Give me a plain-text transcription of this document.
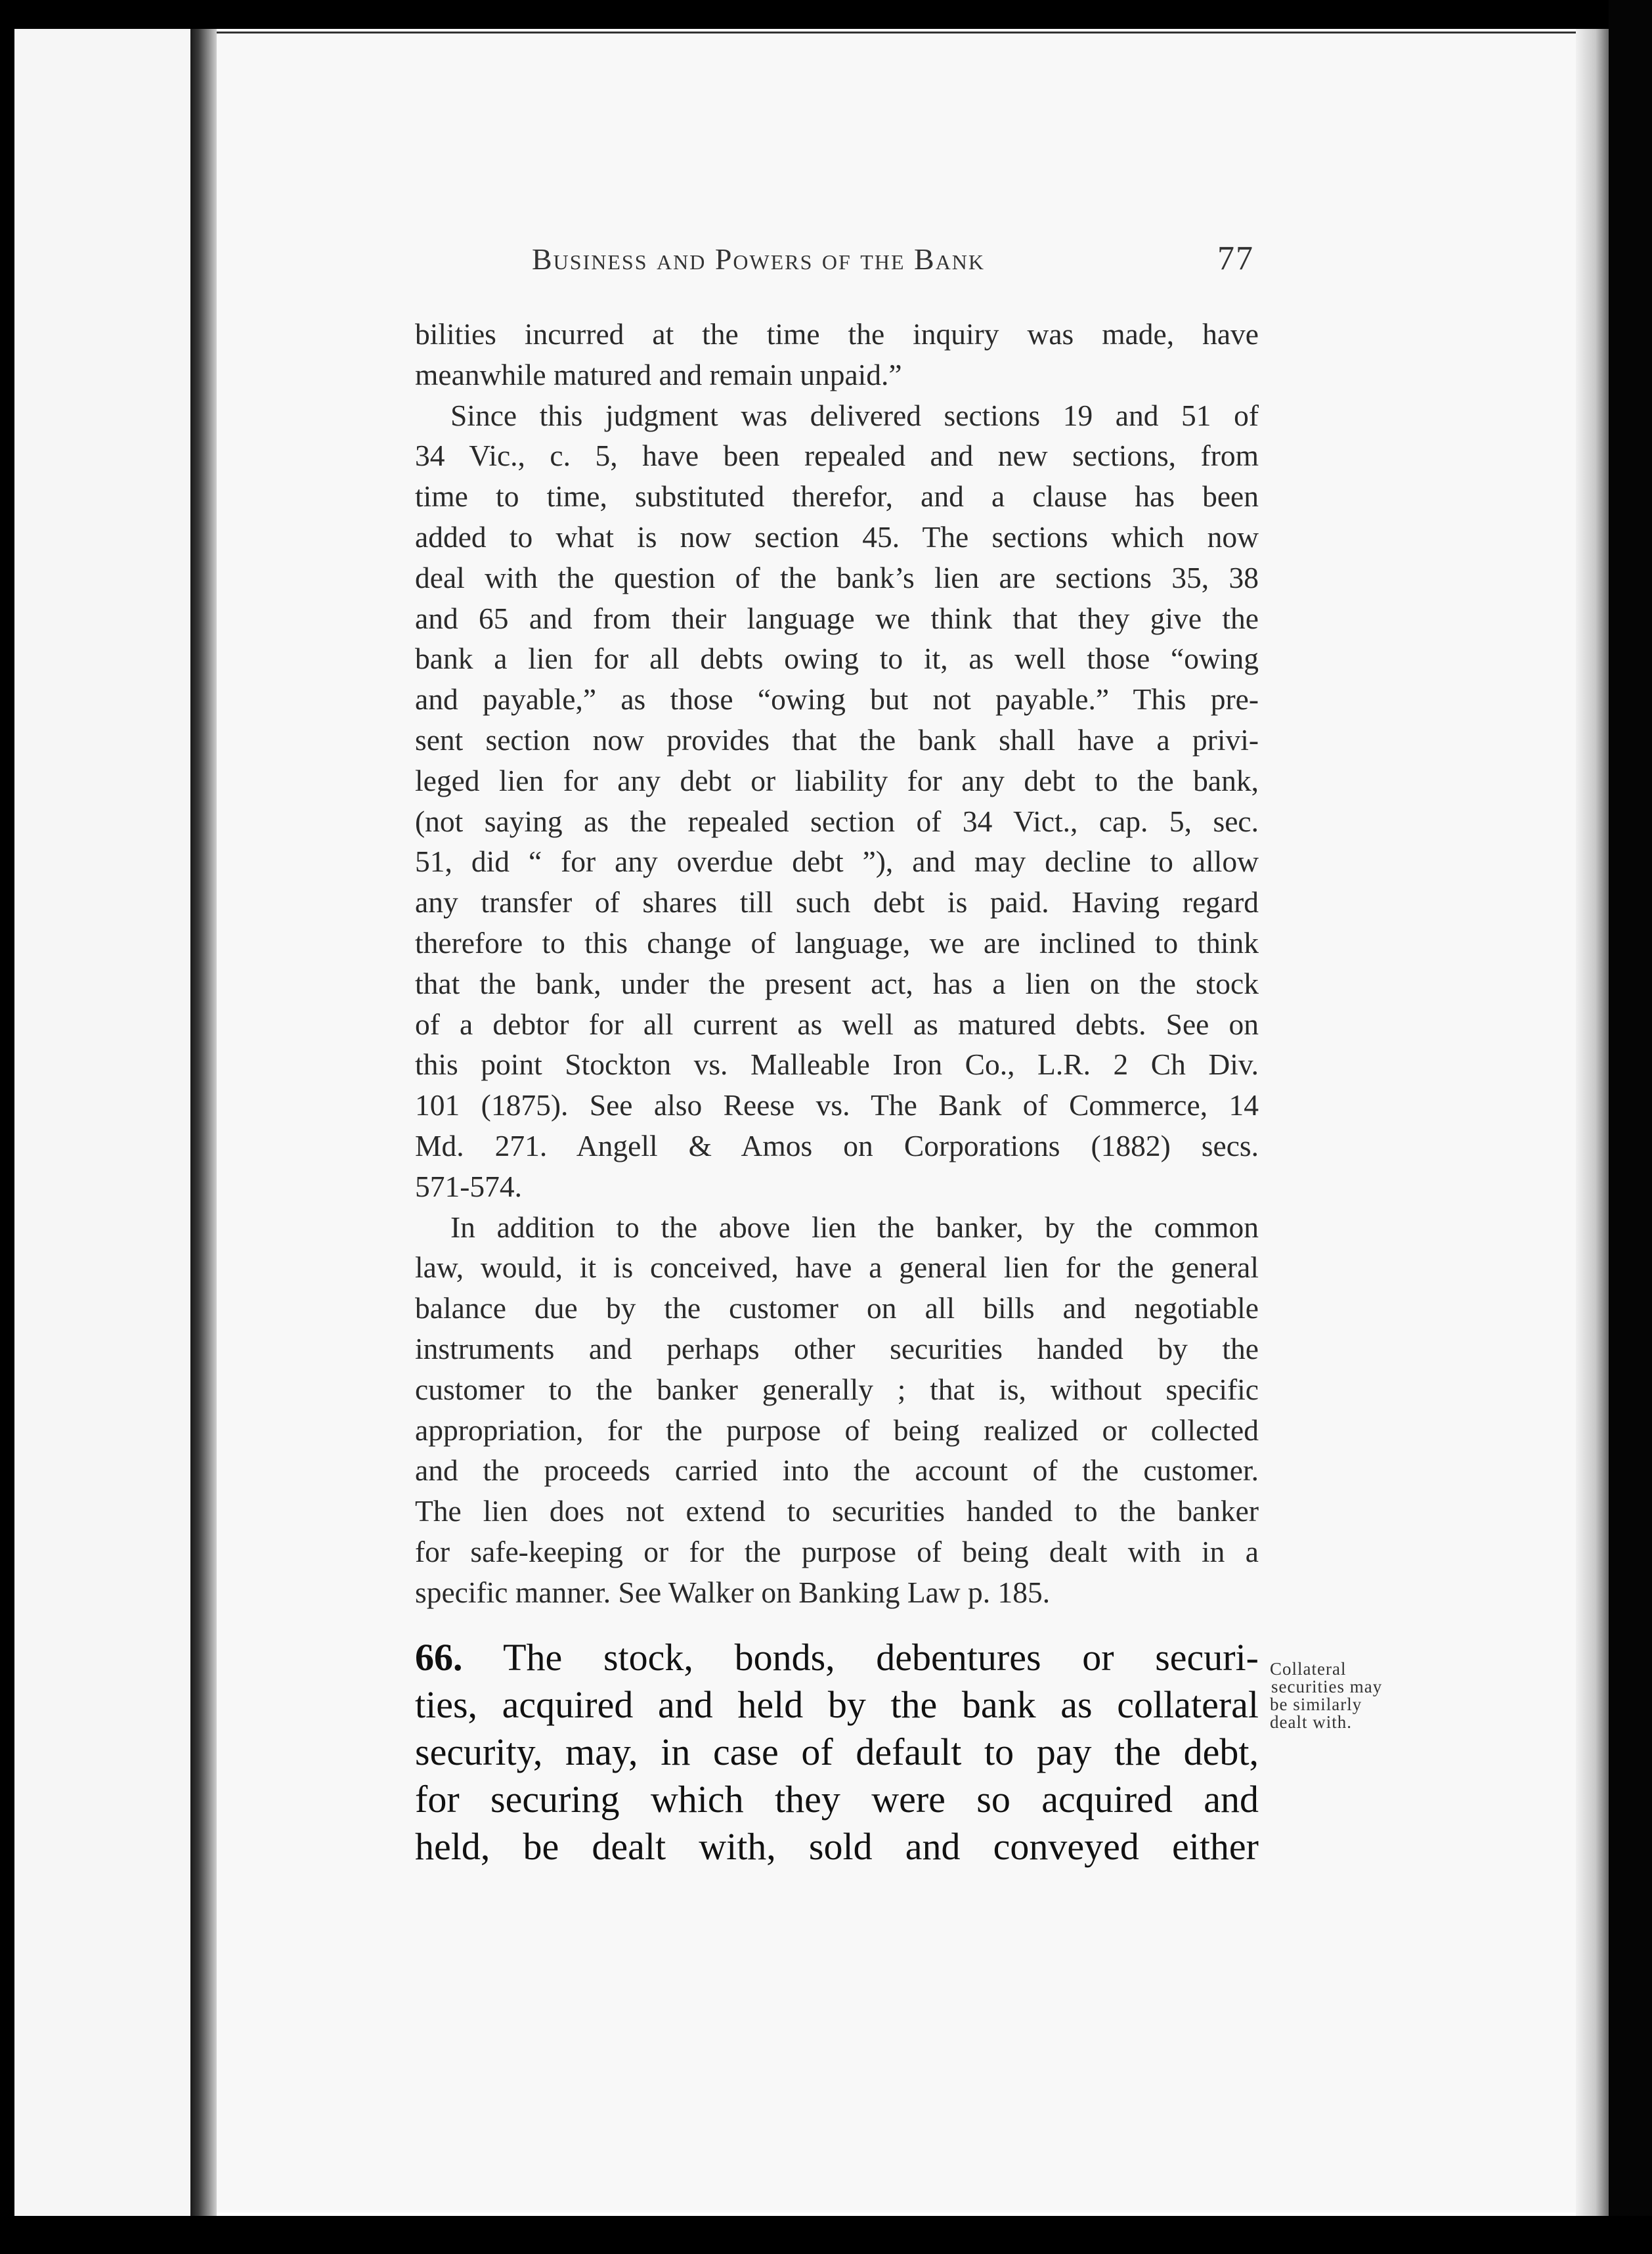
Business and Powers of the Bank	77
bilities incurred at the time the inquiry was made, have
meanwhile matured and remain unpaid.”
Since this judgment was delivered sections 19 and 51 of
34 Vic., c. 5, have been repealed and new sections, from
time to time, substituted therefor, and a clause has been
added to what is now section 45. The sections which now
deal with the question of the bank’s lien are sections 35, 38
and 65 and from their language we think that they give the
bank a lien for all debts owing to it, as well those “owing
and payable,” as those “owing but not payable.” This pre-
sent section now provides that the bank shall have a privi-
leged lien for any debt or liability for any debt to the bank,
(not saying as the repealed section of 34 Vict., cap. 5, sec.
51, did “ for any overdue debt ”), and may decline to allow
any transfer of shares till such debt is paid. Having regard
therefore to this change of language, we are inclined to think
that the bank, under the present act, has a lien on the stock
of a debtor for all current as well as matured debts. See on
this point Stockton vs. Malleable Iron Co., L.R. 2 Ch Div.
101 (1875). See also Reese vs. The Bank of Commerce, 14
Md. 271. Angell & Amos on Corporations (1882) secs.
571-574.
In addition to the above lien the banker, by the common
law, would, it is conceived, have a general lien for the general
balance due by the customer on all bills and negotiable
instruments and perhaps other securities handed by the
customer to the banker generally ; that is, without specific
appropriation, for the purpose of being realized or collected
and the proceeds carried into the account of the customer.
The lien does not extend to securities handed to the banker
for safe-keeping or for the purpose of being dealt with in a
specific manner. See Walker on Banking Law p. 185.
66. The stock, bonds, debentures or securi-
ties, acquired and held by the bank as collateral
security, may, in case of default to pay the debt,
for securing which they were so acquired and
held, be dealt with, sold and conveyed either
Collateral
securities may
be similarly
dealt with.
